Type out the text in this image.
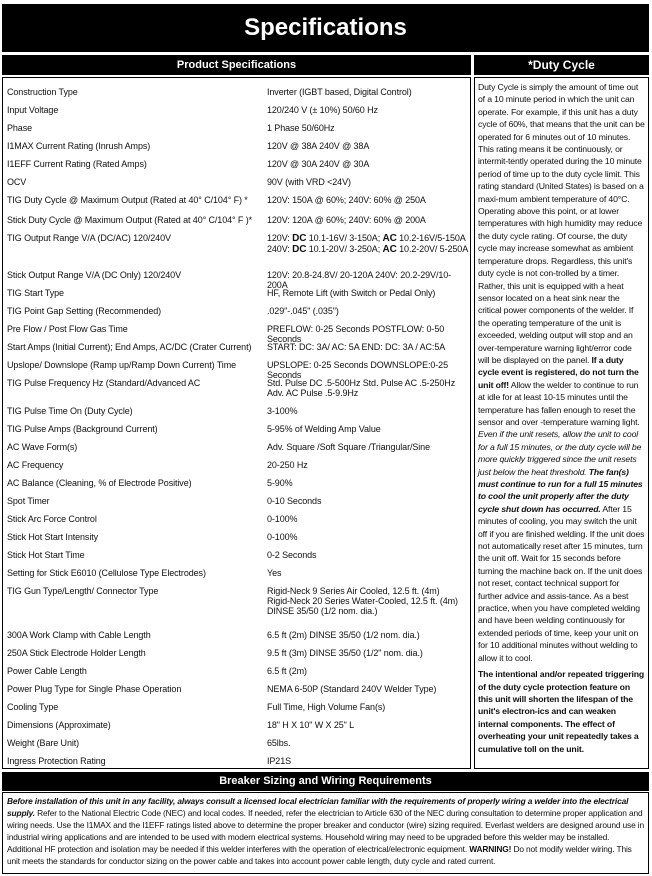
Specifications
Product Specifications	*Duty Cycle
Construction Type	Inverter (IGBT based, Digital Control)
Input Voltage	120/240 V (± 10%) 50/60 Hz
Phase	1 Phase 50/60Hz
I1MAX Current Rating (Inrush Amps)	120V @ 38A 240V @ 38A
I1EFF Current Rating (Rated Amps)	120V @ 30A 240V @ 30A
OCV	90V (with VRD <24V)
TIG Duty Cycle @ Maximum Output (Rated at 40° C/104° F) *	120V: 150A @ 60%; 240V: 60% @ 250A
Stick Duty Cycle @ Maximum Output (Rated at 40° C/104° F )*	120V: 120A @ 60%; 240V: 60% @ 200A
TIG Output Range V/A (DC/AC) 120/240V	120V: DC 10.1-16V/ 3-150A; AC 10.2-16V/5-150A
240V: DC 10.1-20V/ 3-250A; AC 10.2-20V/ 5-250A
Stick Output Range V/A (DC Only) 120/240V	120V: 20.8-24.8V/ 20-120A 240V: 20.2-29V/10-200A
TIG Start Type	HF, Remote Lift (with Switch or Pedal Only)
TIG Point Gap Setting (Recommended)	.029"-.045" (.035")
Pre Flow / Post Flow Gas Time	PREFLOW: 0-25 Seconds POSTFLOW: 0-50 Seconds
Start Amps (Initial Current); End Amps, AC/DC (Crater Current)	START: DC: 3A/ AC: 5A END: DC: 3A / AC:5A
Upslope/ Downslope (Ramp up/Ramp Down Current) Time	UPSLOPE: 0-25 Seconds DOWNSLOPE:0-25 Seconds
TIG Pulse Frequency Hz (Standard/Advanced AC	Std. Pulse DC .5-500Hz Std. Pulse AC .5-250Hz
Adv. AC Pulse .5-9.9Hz
TIG Pulse Time On (Duty Cycle)	3-100%
TIG Pulse Amps (Background Current)	5-95% of Welding Amp Value
AC Wave Form(s)	Adv. Square /Soft Square /Triangular/Sine
AC Frequency	20-250 Hz
AC Balance (Cleaning, % of Electrode Positive)	5-90%
Spot Timer	0-10 Seconds
Stick Arc Force Control	0-100%
Stick Hot Start Intensity	0-100%
Stick Hot Start Time	0-2 Seconds
Setting for Stick E6010 (Cellulose Type Electrodes)	Yes
TIG Gun Type/Length/ Connector Type	Rigid-Neck 9 Series Air Cooled, 12.5 ft. (4m)
Rigid-Neck 20 Series Water-Cooled, 12.5 ft. (4m)
DINSE 35/50 (1/2 nom. dia.)
300A Work Clamp with Cable Length	6.5 ft (2m) DINSE 35/50 (1/2 nom. dia.)
250A Stick Electrode Holder Length	9.5 ft (3m) DINSE 35/50 (1/2" nom. dia.)
Power Cable Length	6.5 ft (2m)
Power Plug Type for Single Phase Operation	NEMA 6-50P (Standard 240V Welder Type)
Cooling Type	Full Time, High Volume Fan(s)
Dimensions (Approximate)	18" H X 10" W X 25" L
Weight (Bare Unit)	65lbs.
Ingress Protection Rating	IP21S
Duty Cycle is simply the amount of time out of a 10 minute period in which the unit can operate. For example, if this unit has a duty cycle of 60%, that means that the unit can be operated for 6 minutes out of 10 minutes. This rating means it be continuously, or intermit-tently operated during the 10 minute period of time up to the duty cycle limit. This rating standard (United States) is based on a maxi-mum ambient temperature of 40°C. Operating above this point, or at lower temperatures with high humidity may reduce the duty cycle rating. Of course, the duty cycle may increase somewhat as ambient temperature drops. Regardless, this unit's duty cycle is not con-trolled by a timer. Rather, this unit is equipped with a heat sensor located on a heat sink near the critical power components of the welder. If the operating temperature of the unit is exceeded, welding output will stop and an over-temperature warning light/error code will be displayed on the panel. If a duty cycle event is registered, do not turn the unit off! Allow the welder to continue to run at idle for at least 10-15 minutes until the temperature has fallen enough to reset the sensor and over -temperature warning light. Even if the unit resets, allow the unit to cool for a full 15 minutes, or the duty cycle will be more quickly triggered since the unit resets just below the heat threshold. The fan(s) must continue to run for a full 15 minutes to cool the unit properly after the duty cycle shut down has occurred. After 15 minutes of cooling, you may switch the unit off if you are finished welding. If the unit does not automatically reset after 15 minutes, turn the unit off. Wait for 15 seconds before turning the machine back on. If the unit does not reset, contact technical support for further advice and assis-tance. As a best practice, when you have completed welding and have been welding continuously for extended periods of time, keep your unit on for 10 additional minutes without welding to allow it to cool.
The intentional and/or repeated triggering of the duty cycle protection feature on this unit will shorten the lifespan of the unit's electron-ics and can weaken internal components. The effect of overheating your unit repeatedly takes a cumulative toll on the unit.
Breaker Sizing and Wiring Requirements
Before installation of this unit in any facility, always consult a licensed local electrician familiar with the requirements of properly wiring a welder into the electrical supply. Refer to the National Electric Code (NEC) and local codes. If needed, refer the electrician to Article 630 of the NEC during consultation to determine proper application and wiring needs. Use the I1MAX and the I1EFF ratings listed above to determine the proper breaker and conductor (wire) sizing required. Everlast welders are designed around use in industrial wiring applications and are intended to be used with modern electrical systems. Household wiring may need to be upgraded before this welder may be installed. Additional HF protection and isolation may be needed if this welder interferes with the operation of electrical/electronic equipment. WARNING! Do not modify welder wiring. This unit meets the standards for conductor sizing on the power cable and takes into account power cable length, duty cycle and rated current.
